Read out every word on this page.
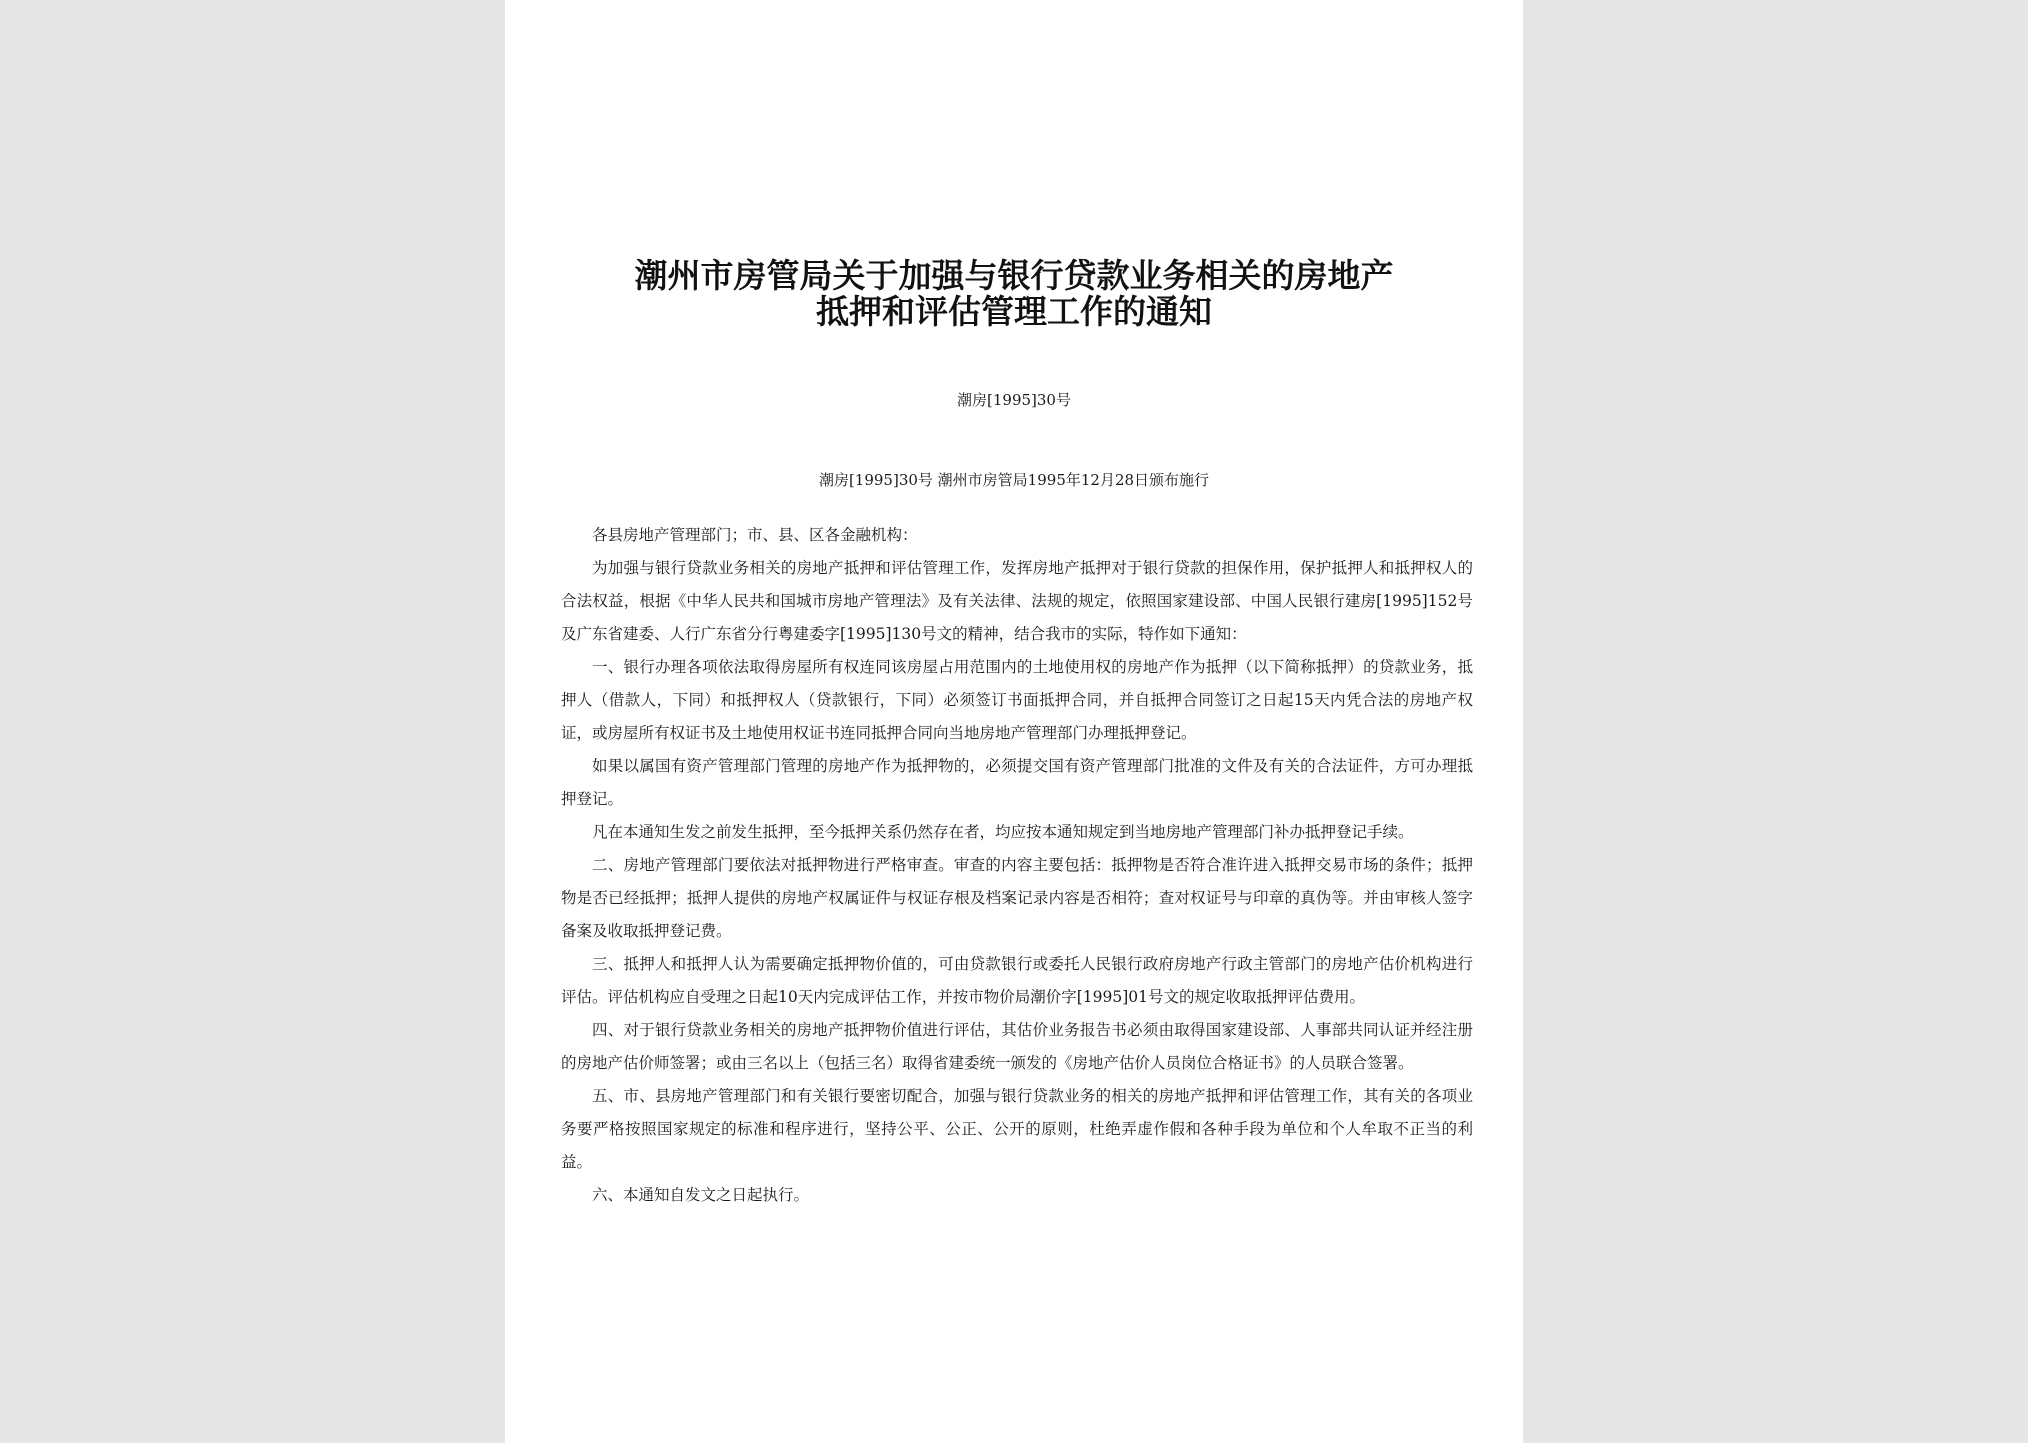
潮州市房管局关于加强与银行贷款业务相关的房地产
抵押和评估管理工作的通知
潮房[1995]30号
潮房[1995]30号 潮州市房管局1995年12月28日颁布施行

各县房地产管理部门；市、县、区各金融机构：

为加强与银行贷款业务相关的房地产抵押和评估管理工作，发挥房地产抵押对于银行贷款的担保作用，保护抵押人和抵押权人的合法权益，根据《中华人民共和国城市房地产管理法》及有关法律、法规的规定，依照国家建设部、中国人民银行建房[1995]152号及广东省建委、人行广东省分行粤建委字[1995]130号文的精神，结合我市的实际，特作如下通知：

一、银行办理各项依法取得房屋所有权连同该房屋占用范围内的土地使用权的房地产作为抵押（以下简称抵押）的贷款业务，抵押人（借款人，下同）和抵押权人（贷款银行，下同）必须签订书面抵押合同，并自抵押合同签订之日起15天内凭合法的房地产权证，或房屋所有权证书及土地使用权证书连同抵押合同向当地房地产管理部门办理抵押登记。

如果以属国有资产管理部门管理的房地产作为抵押物的，必须提交国有资产管理部门批准的文件及有关的合法证件，方可办理抵押登记。

凡在本通知生发之前发生抵押，至今抵押关系仍然存在者，均应按本通知规定到当地房地产管理部门补办抵押登记手续。

二、房地产管理部门要依法对抵押物进行严格审查。审查的内容主要包括：抵押物是否符合准许进入抵押交易市场的条件；抵押物是否已经抵押；抵押人提供的房地产权属证件与权证存根及档案记录内容是否相符；查对权证号与印章的真伪等。并由审核人签字备案及收取抵押登记费。

三、抵押人和抵押人认为需要确定抵押物价值的，可由贷款银行或委托人民银行政府房地产行政主管部门的房地产估价机构进行评估。评估机构应自受理之日起10天内完成评估工作，并按市物价局潮价字[1995]01号文的规定收取抵押评估费用。

四、对于银行贷款业务相关的房地产抵押物价值进行评估，其估价业务报告书必须由取得国家建设部、人事部共同认证并经注册的房地产估价师签署；或由三名以上（包括三名）取得省建委统一颁发的《房地产估价人员岗位合格证书》的人员联合签署。

五、市、县房地产管理部门和有关银行要密切配合，加强与银行贷款业务的相关的房地产抵押和评估管理工作，其有关的各项业务要严格按照国家规定的标准和程序进行，坚持公平、公正、公开的原则，杜绝弄虚作假和各种手段为单位和个人牟取不正当的利益。

六、本通知自发文之日起执行。
